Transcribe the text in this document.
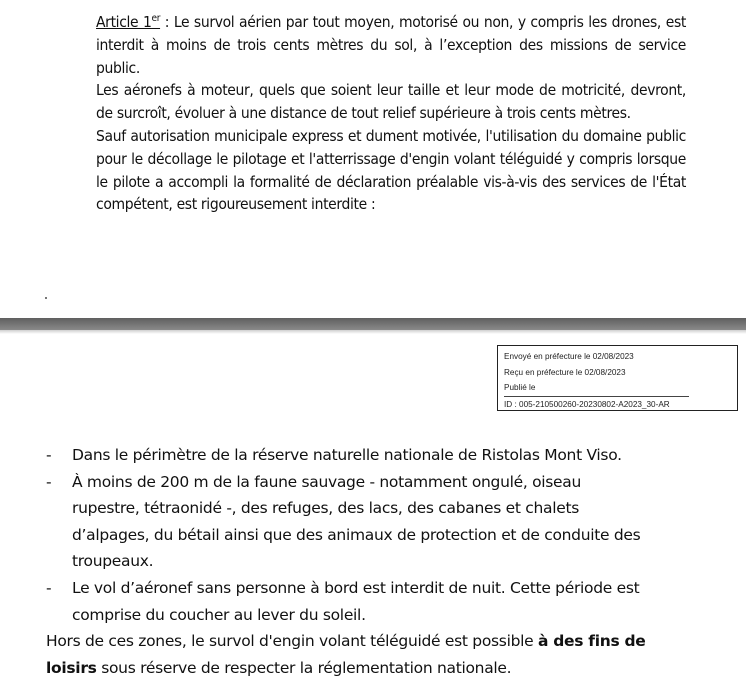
Article 1er : Le survol aérien par tout moyen, motorisé ou non, y compris les drones, est interdit à moins de trois cents mètres du sol, à l’exception des missions de service public.

Les aéronefs à moteur, quels que soient leur taille et leur mode de motricité, devront, de surcroît, évoluer à une distance de tout relief supérieure à trois cents mètres.

Sauf autorisation municipale express et dument motivée, l'utilisation du domaine public pour le décollage le pilotage et l'atterrissage d'engin volant téléguidé y compris lorsque le pilote a accompli la formalité de déclaration préalable vis-à-vis des services de l'État compétent, est rigoureusement interdite :

Envoyé en préfecture le 02/08/2023
Reçu en préfecture le 02/08/2023
Publié le
ID : 005-210500260-20230802-A2023_30-AR
- Dans le périmètre de la réserve naturelle nationale de Ristolas Mont Viso.
- À moins de 200 m de la faune sauvage - notamment ongulé, oiseau rupestre, tétraonidé -, des refuges, des lacs, des cabanes et chalets d’alpages, du bétail ainsi que des animaux de protection et de conduite des troupeaux.
- Le vol d’aéronef sans personne à bord est interdit de nuit. Cette période est comprise du coucher au lever du soleil.

Hors de ces zones, le survol d'engin volant téléguidé est possible à des fins de loisirs sous réserve de respecter la réglementation nationale.
